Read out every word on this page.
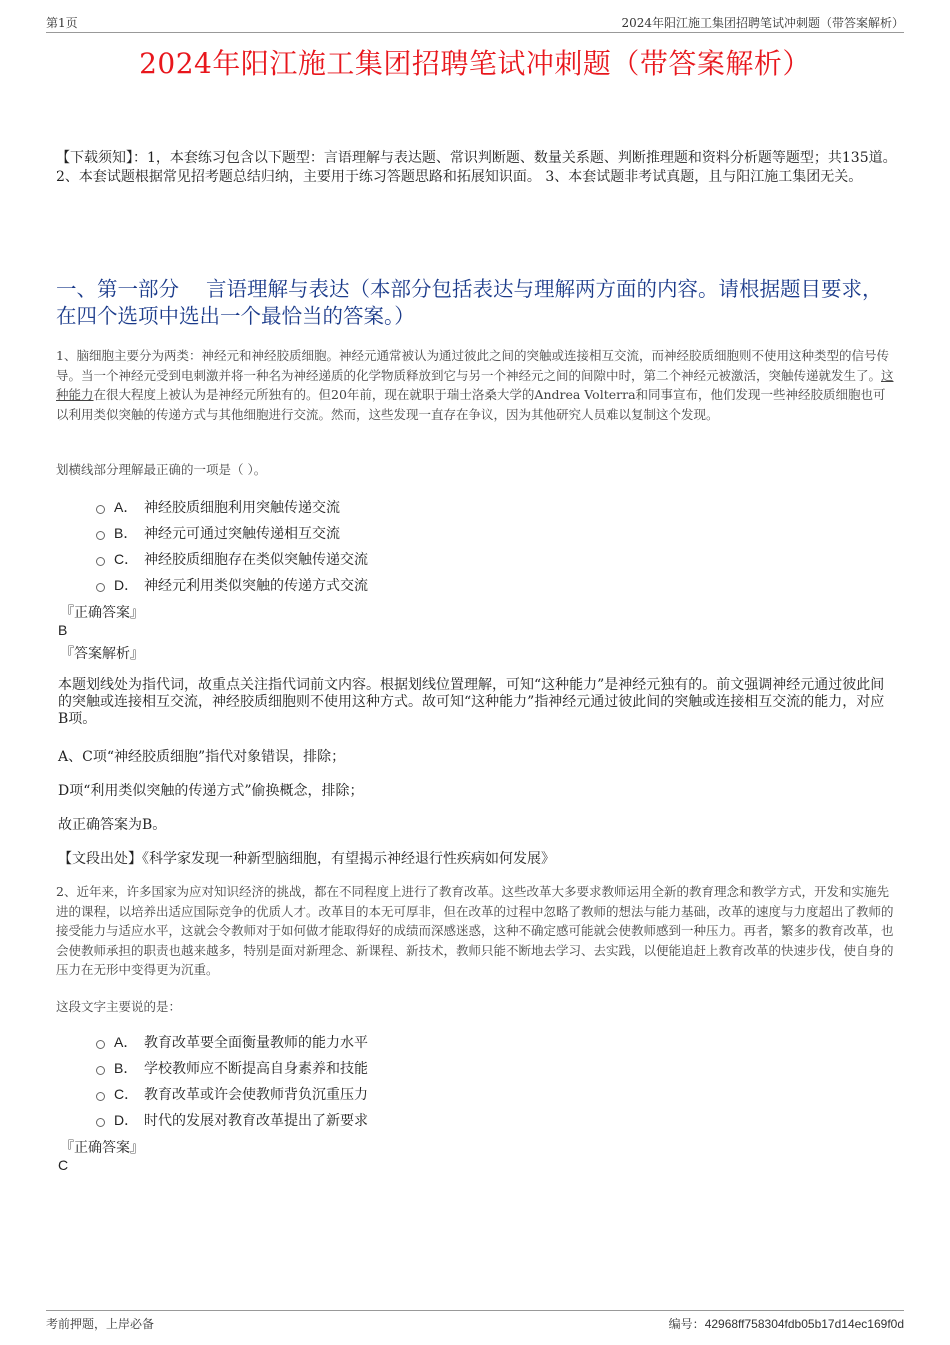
第1页	2024年阳江施工集团招聘笔试冲刺题（带答案解析）
2024年阳江施工集团招聘笔试冲刺题（带答案解析）
【下载须知】：1，本套练习包含以下题型：言语理解与表达题、常识判断题、数量关系题、判断推理题和资料分析题等题型；共135道。 2、本套试题根据常见招考题总结归纳，主要用于练习答题思路和拓展知识面。 3、本套试题非考试真题，且与阳江施工集团无关。
一、第一部分　 言语理解与表达（本部分包括表达与理解两方面的内容。请根据题目要求，在四个选项中选出一个最恰当的答案。）
1、脑细胞主要分为两类：神经元和神经胶质细胞。神经元通常被认为通过彼此之间的突触或连接相互交流，而神经胶质细胞则不使用这种类型的信号传导。当一个神经元受到电刺激并将一种名为神经递质的化学物质释放到它与另一个神经元之间的间隙中时，第二个神经元被激活，突触传递就发生了。这种能力在很大程度上被认为是神经元所独有的。但20年前，现在就职于瑞士洛桑大学的Andrea Volterra和同事宣布，他们发现一些神经胶质细胞也可以利用类似突触的传递方式与其他细胞进行交流。然而，这些发现一直存在争议，因为其他研究人员难以复制这个发现。
划横线部分理解最正确的一项是（ ）。
A． 神经胶质细胞利用突触传递交流
B． 神经元可通过突触传递相互交流
C． 神经胶质细胞存在类似突触传递交流
D． 神经元利用类似突触的传递方式交流
『正确答案』
B
『答案解析』
本题划线处为指代词，故重点关注指代词前文内容。根据划线位置理解，可知“这种能力”是神经元独有的。前文强调神经元通过彼此间的突触或连接相互交流，神经胶质细胞则不使用这种方式。故可知“这种能力”指神经元通过彼此间的突触或连接相互交流的能力，对应B项。
A、C项“神经胶质细胞”指代对象错误，排除；
D项“利用类似突触的传递方式”偷换概念，排除；
故正确答案为B。
【文段出处】《科学家发现一种新型脑细胞，有望揭示神经退行性疾病如何发展》
2、近年来，许多国家为应对知识经济的挑战，都在不同程度上进行了教育改革。这些改革大多要求教师运用全新的教育理念和教学方式，开发和实施先进的课程，以培养出适应国际竞争的优质人才。改革目的本无可厚非，但在改革的过程中忽略了教师的想法与能力基础，改革的速度与力度超出了教师的接受能力与适应水平，这就会令教师对于如何做才能取得好的成绩而深感迷惑，这种不确定感可能就会使教师感到一种压力。再者，繁多的教育改革，也会使教师承担的职责也越来越多，特别是面对新理念、新课程、新技术，教师只能不断地去学习、去实践，以便能追赶上教育改革的快速步伐，使自身的压力在无形中变得更为沉重。
这段文字主要说的是：
A． 教育改革要全面衡量教师的能力水平
B． 学校教师应不断提高自身素养和技能
C． 教育改革或许会使教师背负沉重压力
D． 时代的发展对教育改革提出了新要求
『正确答案』
C
考前押题，上岸必备	编号：42968ff758304fdb05b17d14ec169f0d
